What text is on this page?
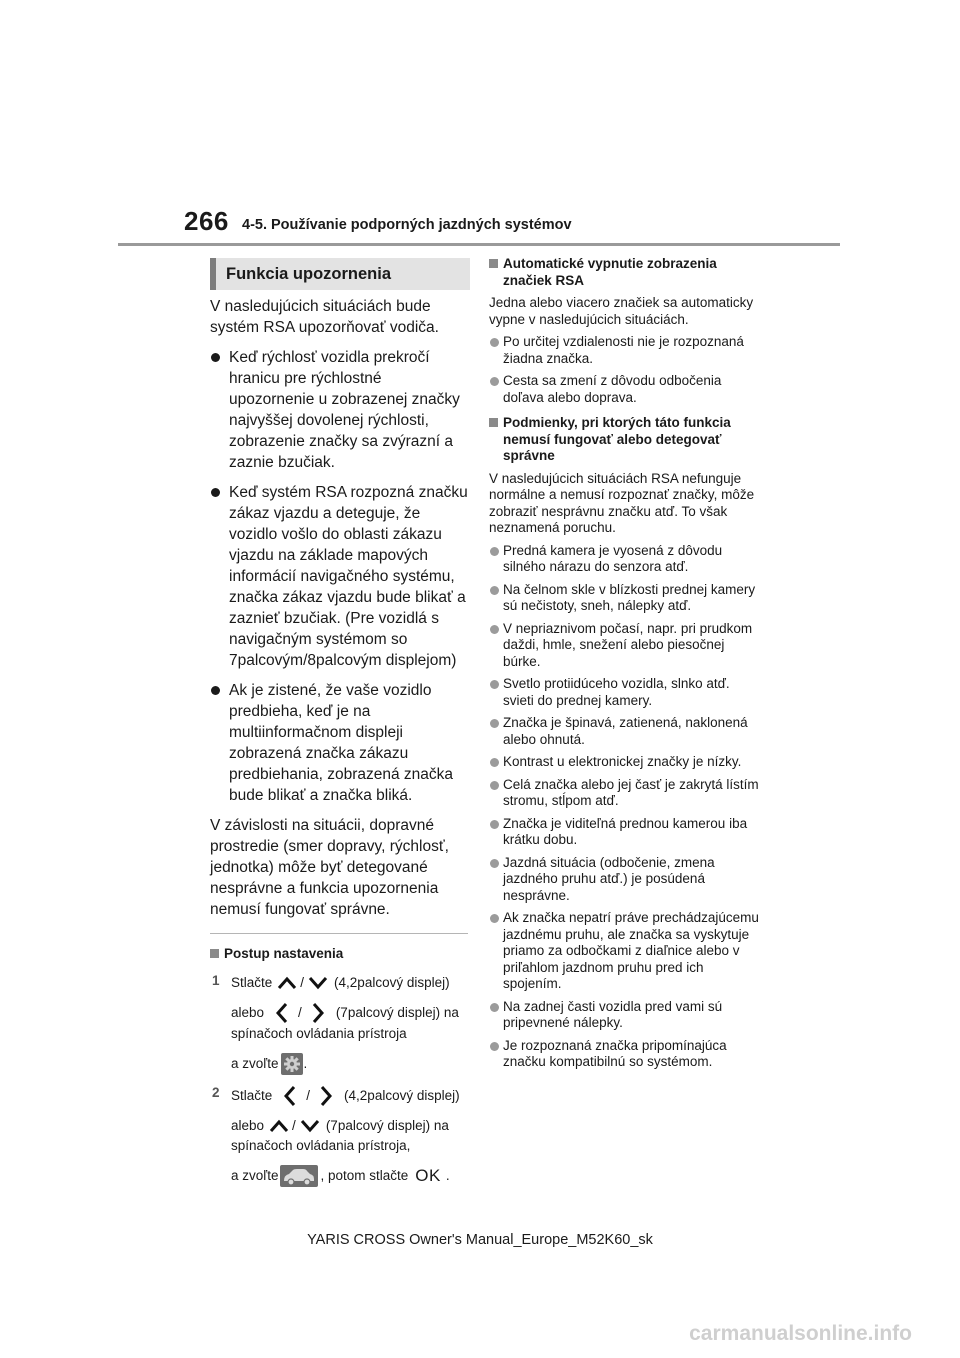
266 4-5. Používanie podporných jazdných systémov
Funkcia upozornenia
V nasledujúcich situáciách bude systém RSA upozorňovať vodiča.
Keď rýchlosť vozidla prekročí hranicu pre rýchlostné upozornenie u zobrazenej značky najvyššej dovolenej rýchlosti, zobrazenie značky sa zvýrazní a zaznie bzučiak.
Keď systém RSA rozpozná značku zákaz vjazdu a deteguje, že vozidlo vošlo do oblasti zákazu vjazdu na základe mapových informácií navigačného systému, značka zákaz vjazdu bude blikať a zaznieť bzučiak. (Pre vozidlá s navigačným systémom so 7palcovým/8palcovým displejom)
Ak je zistené, že vaše vozidlo predbieha, keď je na multiinformačnom displeji zobrazená značka zákazu predbiehania, zobrazená značka bude blikať a značka bliká.
V závislosti na situácii, dopravné prostredie (smer dopravy, rýchlosť, jednotka) môže byť detegované nesprávne a funkcia upozornenia nemusí fungovať správne.
Postup nastavenia
1 Stlačte / (4,2palcový displej)
alebo	/	(7palcový displej) na
spínačoch ovládania prístroja
a zvoľte .
2 Stlačte	/	(4,2palcový displej)
alebo / (7palcový displej) na
spínačoch ovládania prístroja,
a zvoľte	, potom stlačte OK .
Automatické vypnutie zobrazenia značiek RSA
Jedna alebo viacero značiek sa automaticky vypne v nasledujúcich situáciách.
Po určitej vzdialenosti nie je rozpoznaná žiadna značka.
Cesta sa zmení z dôvodu odbočenia doľava alebo doprava.
Podmienky, pri ktorých táto funkcia nemusí fungovať alebo detegovať správne
V nasledujúcich situáciách RSA nefunguje normálne a nemusí rozpoznať značky, môže zobraziť nesprávnu značku atď. To však neznamená poruchu.
Predná kamera je vyosená z dôvodu silného nárazu do senzora atď.
Na čelnom skle v blízkosti prednej kamery sú nečistoty, sneh, nálepky atď.
V nepriaznivom počasí, napr. pri prudkom daždi, hmle, snežení alebo piesočnej búrke.
Svetlo protiidúceho vozidla, slnko atď. svieti do prednej kamery.
Značka je špinavá, zatienená, naklonená alebo ohnutá.
Kontrast u elektronickej značky je nízky.
Celá značka alebo jej časť je zakrytá lístím stromu, stĺpom atď.
Značka je viditeľná prednou kamerou iba krátku dobu.
Jazdná situácia (odbočenie, zmena jazdného pruhu atď.) je posúdená nesprávne.
Ak značka nepatrí práve prechádzajúcemu jazdnému pruhu, ale značka sa vyskytuje priamo za odbočkami z diaľnice alebo v priľahlom jazdnom pruhu pred ich spojením.
Na zadnej časti vozidla pred vami sú pripevnené nálepky.
Je rozpoznaná značka pripomínajúca značku kompatibilnú so systémom.
YARIS CROSS Owner's Manual_Europe_M52K60_sk
carmanualsonline.info
